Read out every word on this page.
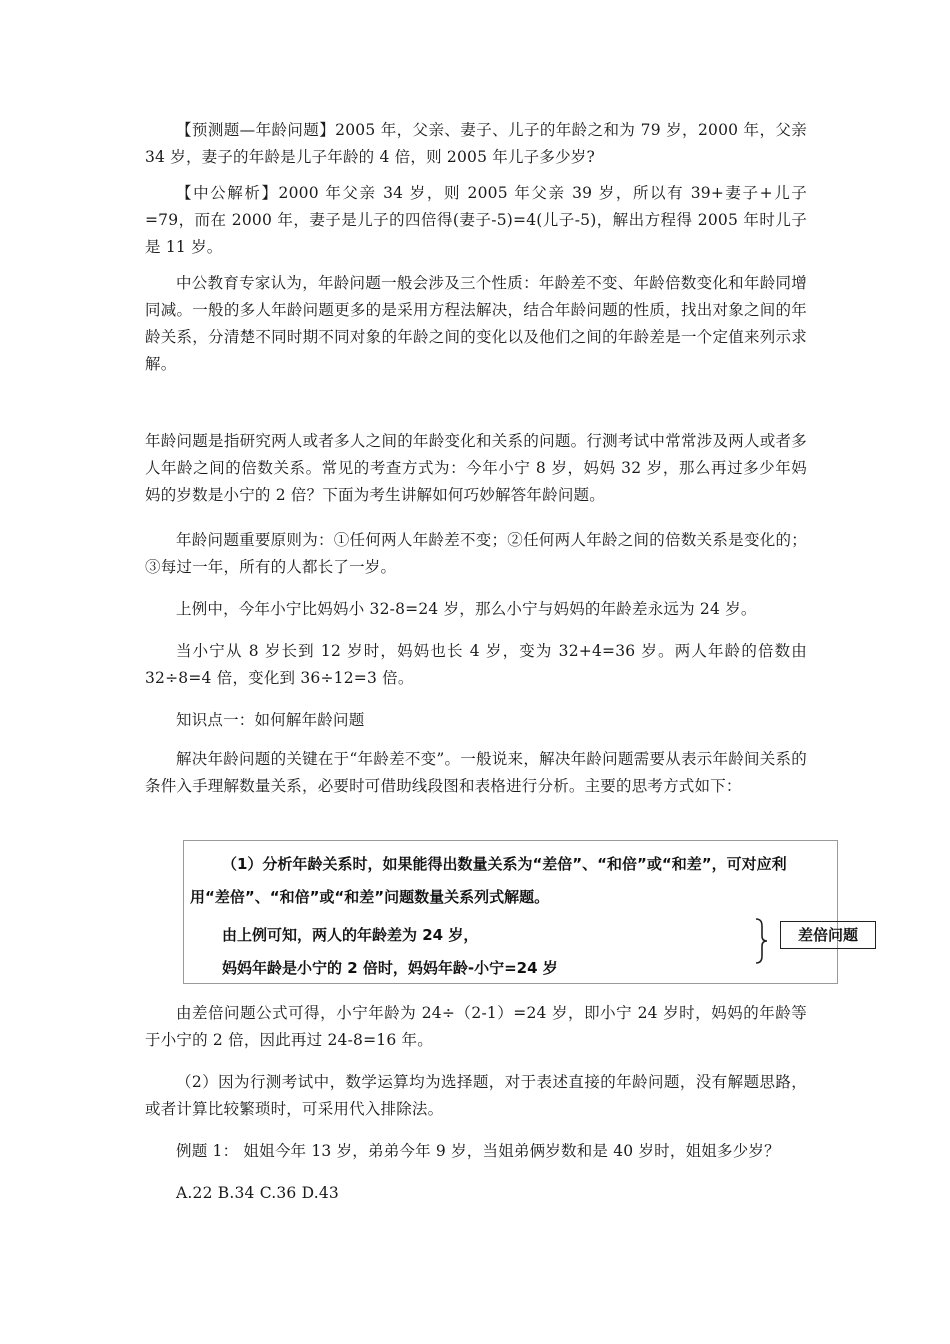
【预测题—年龄问题】2005 年，父亲、妻子、儿子的年龄之和为 79 岁，2000 年，父亲 34 岁，妻子的年龄是儿子年龄的 4 倍，则 2005 年儿子多少岁?

【中公解析】2000 年父亲 34 岁，则 2005 年父亲 39 岁，所以有 39+妻子+儿子=79，而在 2000 年，妻子是儿子的四倍得(妻子-5)=4(儿子-5)，解出方程得 2005 年时儿子是 11 岁。

中公教育专家认为，年龄问题一般会涉及三个性质：年龄差不变、年龄倍数变化和年龄同增同减。一般的多人年龄问题更多的是采用方程法解决，结合年龄问题的性质，找出对象之间的年龄关系，分清楚不同时期不同对象的年龄之间的变化以及他们之间的年龄差是一个定值来列示求解。

年龄问题是指研究两人或者多人之间的年龄变化和关系的问题。行测考试中常常涉及两人或者多人年龄之间的倍数关系。常见的考查方式为：今年小宁 8 岁，妈妈 32 岁，那么再过多少年妈妈的岁数是小宁的 2 倍？下面为考生讲解如何巧妙解答年龄问题。

年龄问题重要原则为：①任何两人年龄差不变；②任何两人年龄之间的倍数关系是变化的；③每过一年，所有的人都长了一岁。

上例中，今年小宁比妈妈小 32-8=24 岁，那么小宁与妈妈的年龄差永远为 24 岁。

当小宁从 8 岁长到 12 岁时，妈妈也长 4 岁，变为 32+4=36 岁。两人年龄的倍数由 32÷8=4 倍，变化到 36÷12=3 倍。

知识点一：如何解年龄问题

解决年龄问题的关键在于“年龄差不变”。一般说来，解决年龄问题需要从表示年龄间关系的条件入手理解数量关系，必要时可借助线段图和表格进行分析。主要的思考方式如下：

（1）分析年龄关系时，如果能得出数量关系为“差倍”、“和倍”或“和差”，可对应利
用“差倍”、“和倍”或“和差”问题数量关系列式解题。
由上例可知，两人的年龄差为 24 岁，
妈妈年龄是小宁的 2 倍时，妈妈年龄-小宁=24 岁
差倍问题

由差倍问题公式可得，小宁年龄为 24÷（2-1）=24 岁，即小宁 24 岁时，妈妈的年龄等于小宁的 2 倍，因此再过 24-8=16 年。

（2）因为行测考试中，数学运算均为选择题，对于表述直接的年龄问题，没有解题思路，或者计算比较繁琐时，可采用代入排除法。

例题 1： 姐姐今年 13 岁，弟弟今年 9 岁，当姐弟俩岁数和是 40 岁时，姐姐多少岁？

A.22 B.34 C.36 D.43
